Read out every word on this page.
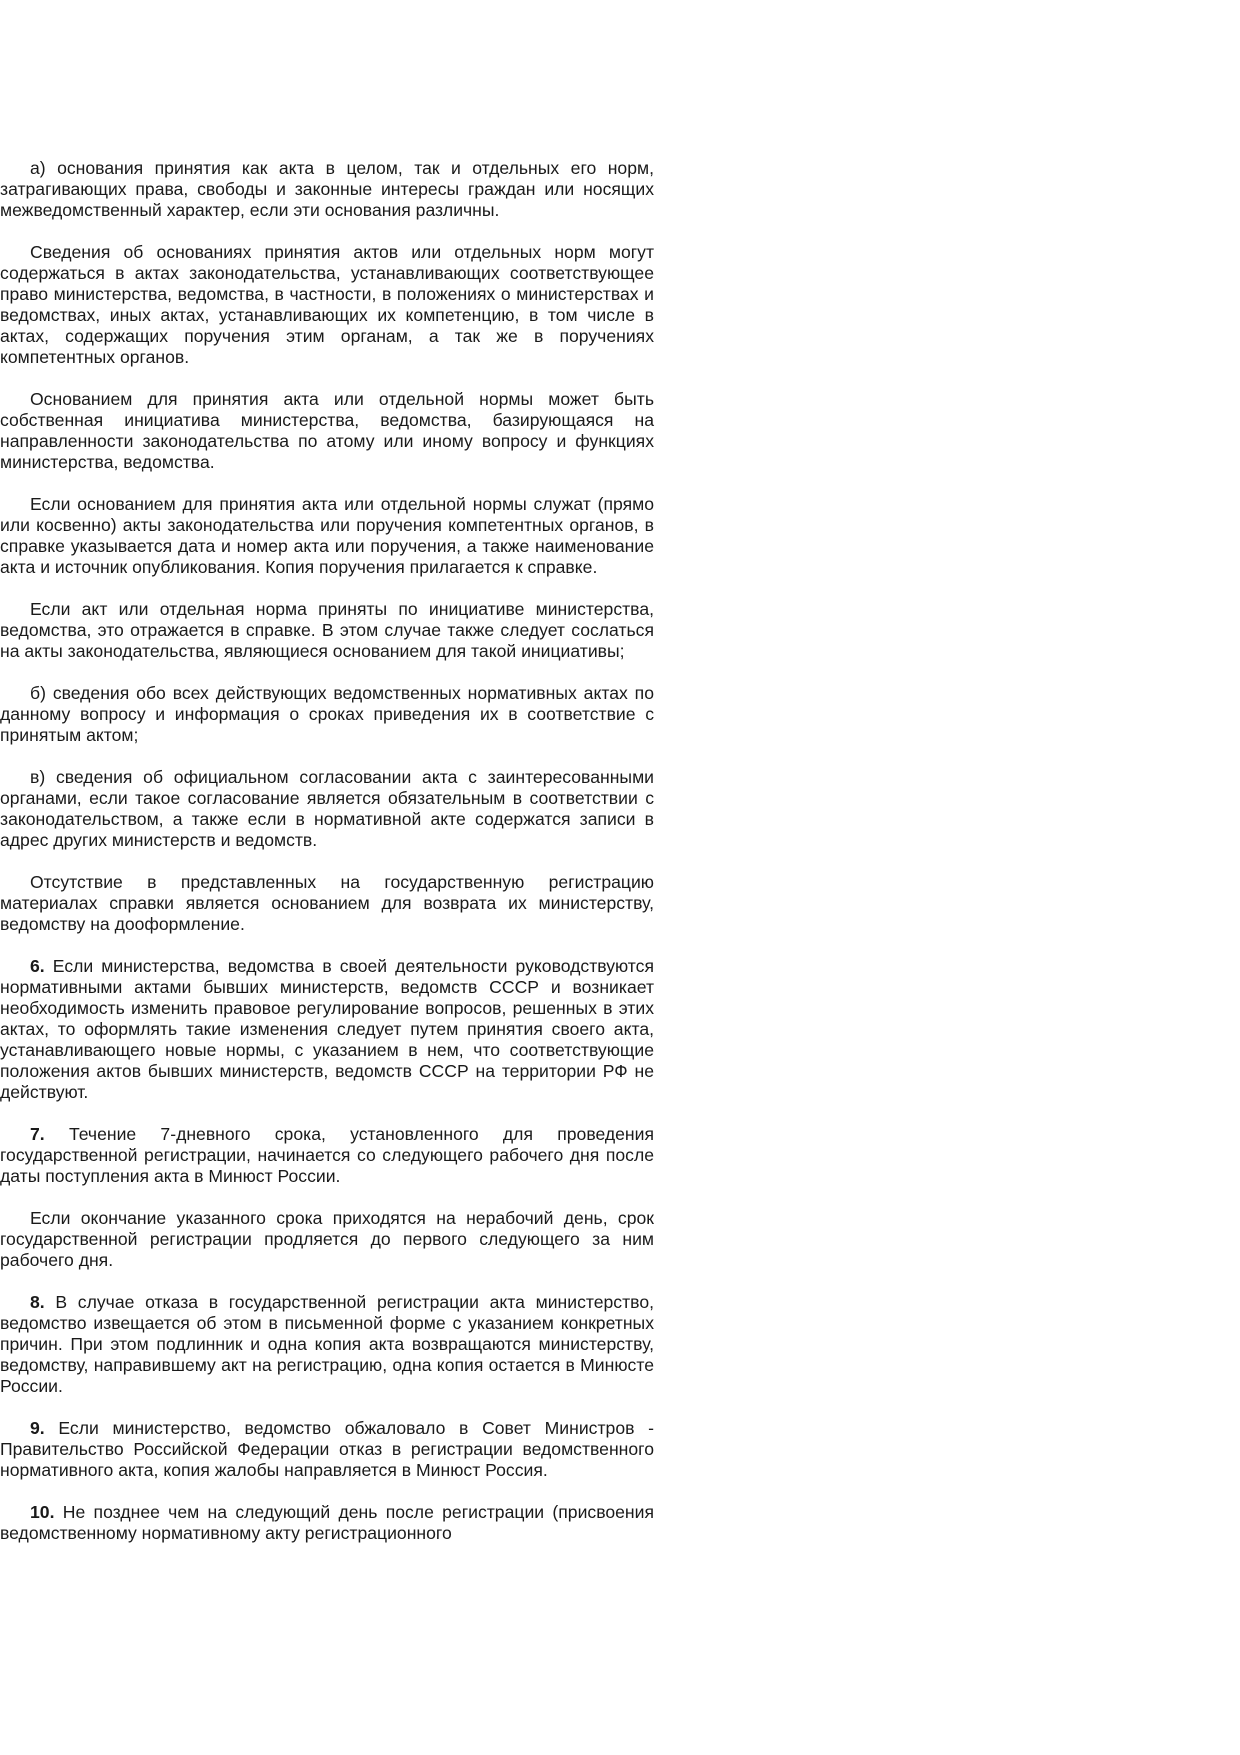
а) основания принятия как акта в целом, так и отдельных его норм, затрагивающих права, свободы и законные интересы граждан или носящих межведомственный характер, если эти основания различны.

Сведения об основаниях принятия актов или отдельных норм могут содержаться в актах законодательства, устанавливающих соответствующее право министерства, ведомства, в частности, в положениях о министерствах и ведомствах, иных актах, устанавливающих их компетенцию, в том числе в актах, содержащих поручения этим органам, а так же в поручениях компетентных органов.

Основанием для принятия акта или отдельной нормы может быть собственная инициатива министерства, ведомства, базирующаяся на направленности законодательства по атому или иному вопросу и функциях министерства, ведомства.

Если основанием для принятия акта или отдельной нормы служат (прямо или косвенно) акты законодательства или поручения компетентных органов, в справке указывается дата и номер акта или поручения, а также наименование акта и источник опубликования. Копия поручения прилагается к справке.

Если акт или отдельная норма приняты по инициативе министерства, ведомства, это отражается в справке. В этом случае также следует сослаться на акты законодательства, являющиеся основанием для такой инициативы;

б) сведения обо всех действующих ведомственных нормативных актах по данному вопросу и информация о сроках приведения их в соответствие с принятым актом;

в) сведения об официальном согласовании акта с заинтересованными органами, если такое согласование является обязательным в соответствии с законодательством, а также если в нормативной акте содержатся записи в адрес других министерств и ведомств.

Отсутствие в представленных на государственную регистрацию материалах справки является основанием для возврата их министерству, ведомству на дооформление.

6. Если министерства, ведомства в своей деятельности руководствуются нормативными актами бывших министерств, ведомств СССР и возникает необходимость изменить правовое регулирование вопросов, решенных в этих актах, то оформлять такие изменения следует путем принятия своего акта, устанавливающего новые нормы, с указанием в нем, что соответствующие положения актов бывших министерств, ведомств СССР на территории РФ не действуют.

7. Течение 7-дневного срока, установленного для проведения государственной регистрации, начинается со следующего рабочего дня после даты поступления акта в Минюст России.

Если окончание указанного срока приходятся на нерабочий день, срок государственной регистрации продляется до первого следующего за ним рабочего дня.

8. В случае отказа в государственной регистрации акта министерство, ведомство извещается об этом в письменной форме с указанием конкретных причин. При этом подлинник и одна копия акта возвращаются министерству, ведомству, направившему акт на регистрацию, одна копия остается в Минюсте России.

9. Если министерство, ведомство обжаловало в Совет Министров - Правительство Российской Федерации отказ в регистрации ведомственного нормативного акта, копия жалобы направляется в Минюст Россия.

10. Не позднее чем на следующий день после регистрации (присвоения ведомственному нормативному акту регистрационного
